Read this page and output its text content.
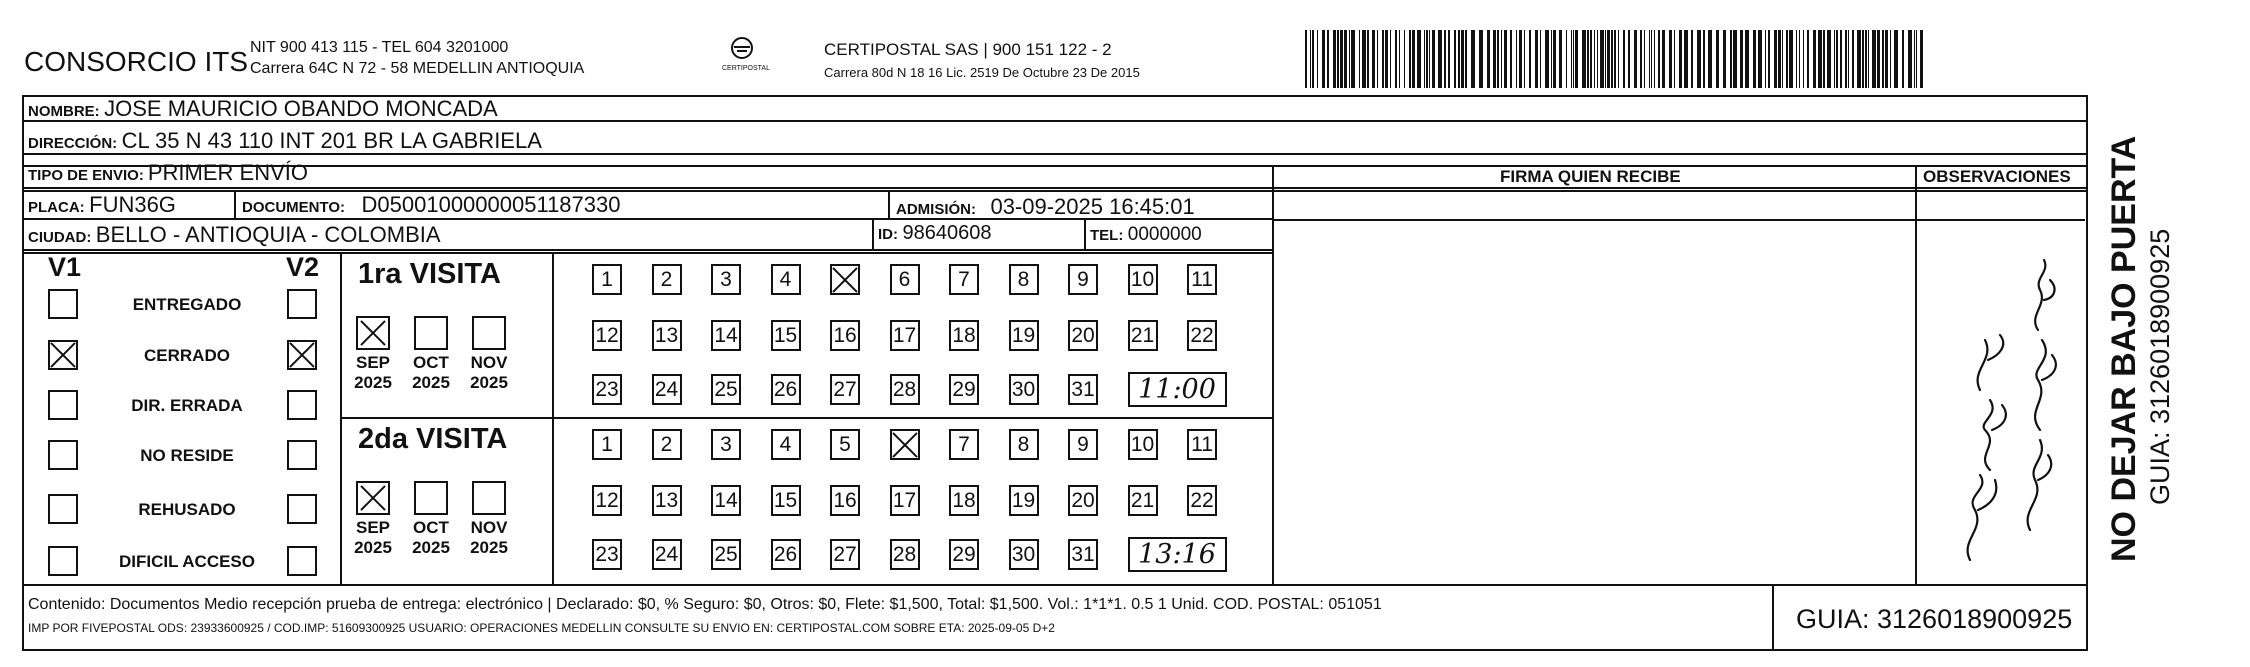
CONSORCIO ITS NIT 900 413 115 - TEL 604 3201000
Carrera 64C N 72 - 58 MEDELLIN ANTIOQUIA	CERTIPOSTAL
CERTIPOSTAL SAS | 900 151 122 - 2
Carrera 80d N 18 16 Lic. 2519 De Octubre 23 De 2015
NOMBRE: JOSE MAURICIO OBANDO MONCADA
DIRECCIÓN: CL 35 N 43 110 INT 201 BR LA GABRIELA
TIPO DE ENVIO: PRIMER ENVÍO	FIRMA QUIEN RECIBE	OBSERVACIONES
PLACA: FUN36G	DOCUMENTO: D05001000000051187330	ADMISIÓN: 03-09-2025 16:45:01
CIUDAD: BELLO - ANTIOQUIA - COLOMBIA	ID: 98640608	TEL: 0000000
V1	V2
ENTREGADO
CERRADO
DIR. ERRADA
NO RESIDE
REHUSADO
DIFICIL ACCESO
1ra VISITA
SEP
2025
OCT
2025
NOV
2025
1	2	3	4	6	7	8	9	10 11
12 13 14 15 16 17 18 19 20 21 22
23 24 25 26 27 28 29 30 31	11:00
2da VISITA
SEP
2025
OCT
2025
NOV
2025
1	2	3	4	5	7	8	9	10 11
12 13 14 15 16 17 18 19 20 21 22
23 24 25 26 27 28 29 30 31	13:16
Contenido: Documentos Medio recepción prueba de entrega: electrónico | Declarado: $0, % Seguro: $0, Otros: $0, Flete: $1,500, Total: $1,500. Vol.: 1*1*1. 0.5 1 Unid. COD. POSTAL: 051051
IMP POR FIVEPOSTAL ODS: 23933600925 / COD.IMP: 51609300925 USUARIO: OPERACIONES MEDELLIN CONSULTE SU ENVIO EN: CERTIPOSTAL.COM SOBRE ETA: 2025-09-05 D+2	GUIA: 3126018900925
NO DEJAR BAJO PUERTA GUIA: 3126018900925
